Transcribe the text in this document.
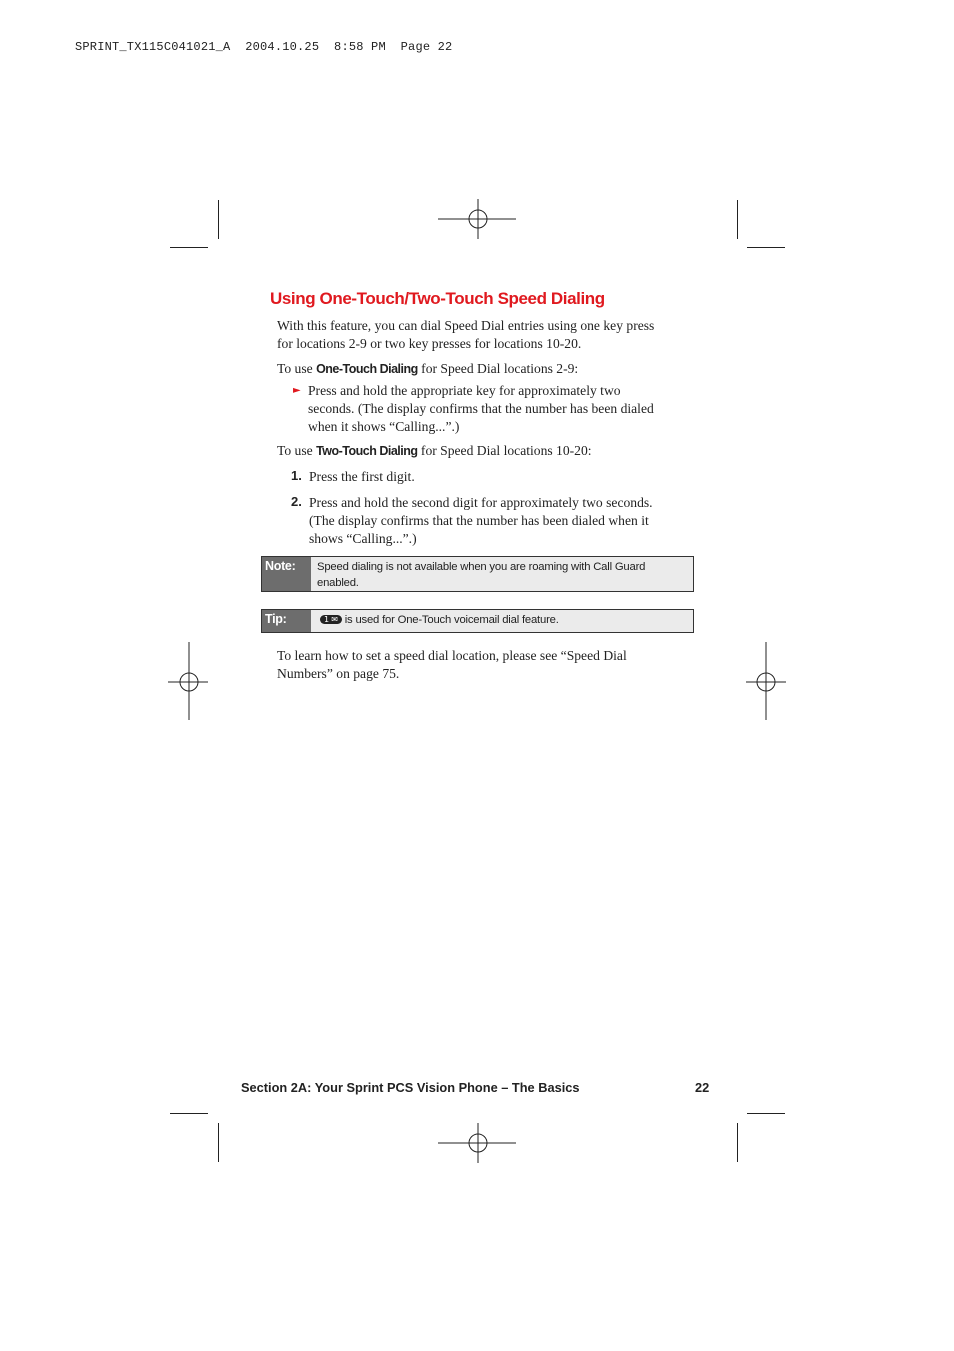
SPRINT_TX115C041021_A  2004.10.25  8:58 PM  Page 22
Using One-Touch/Two-Touch Speed Dialing
With this feature, you can dial Speed Dial entries using one key press
for locations 2-9 or two key presses for locations 10-20.
To use One-Touch Dialing for Speed Dial locations 2-9:
► Press and hold the appropriate key for approximately two
seconds. (The display confirms that the number has been dialed
when it shows “Calling...”.)
To use Two-Touch Dialing for Speed Dial locations 10-20:
1. Press the first digit.
2. Press and hold the second digit for approximately two seconds.
(The display confirms that the number has been dialed when it
shows “Calling...”.)
Note:	Speed dialing is not available when you are roaming with Call Guard
enabled.
Tip:	1 ✉ is used for One-Touch voicemail dial feature.
To learn how to set a speed dial location, please see “Speed Dial
Numbers” on page 75.
Section 2A: Your Sprint PCS Vision Phone – The Basics	22
